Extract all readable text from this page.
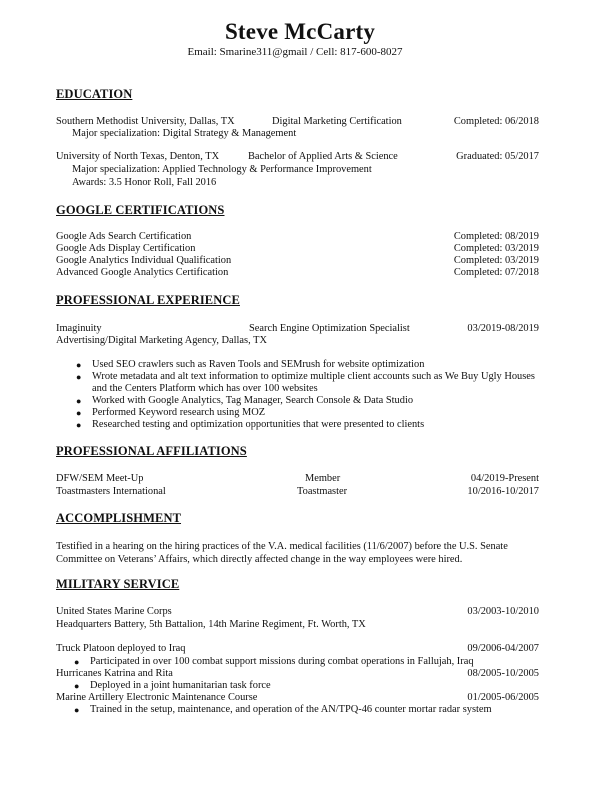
Steve McCarty
Email: Smarine311@gmail / Cell: 817-600-8027
EDUCATION
Southern Methodist University, Dallas, TX	Digital Marketing Certification	Completed: 06/2018
Major specialization: Digital Strategy & Management
University of North Texas, Denton, TX	Bachelor of Applied Arts & Science	Graduated: 05/2017
Major specialization: Applied Technology & Performance Improvement
Awards: 3.5 Honor Roll, Fall 2016
GOOGLE CERTIFICATIONS
Google Ads Search Certification	Completed: 08/2019
Google Ads Display Certification	Completed: 03/2019
Google Analytics Individual Qualification	Completed: 03/2019
Advanced Google Analytics Certification	Completed: 07/2018
PROFESSIONAL EXPERIENCE
Imaginuity	Search Engine Optimization Specialist	03/2019-08/2019
Advertising/Digital Marketing Agency, Dallas, TX
● Used SEO crawlers such as Raven Tools and SEMrush for website optimization
● Wrote metadata and alt text information to optimize multiple client accounts such as We Buy Ugly Houses
and the Centers Platform which has over 100 websites
● Worked with Google Analytics, Tag Manager, Search Console & Data Studio
● Performed Keyword research using MOZ
● Researched testing and optimization opportunities that were presented to clients
PROFESSIONAL AFFILIATIONS
DFW/SEM Meet-Up	Member	04/2019-Present
Toastmasters International	Toastmaster	10/2016-10/2017
ACCOMPLISHMENT
Testified in a hearing on the hiring practices of the V.A. medical facilities (11/6/2007) before the U.S. Senate
Committee on Veterans’ Affairs, which directly affected change in the way employees were hired.
MILITARY SERVICE
United States Marine Corps	03/2003-10/2010
Headquarters Battery, 5th Battalion, 14th Marine Regiment, Ft. Worth, TX
Truck Platoon deployed to Iraq	09/2006-04/2007
● Participated in over 100 combat support missions during combat operations in Fallujah, Iraq
Hurricanes Katrina and Rita	08/2005-10/2005
● Deployed in a joint humanitarian task force
Marine Artillery Electronic Maintenance Course	01/2005-06/2005
● Trained in the setup, maintenance, and operation of the AN/TPQ-46 counter mortar radar system
